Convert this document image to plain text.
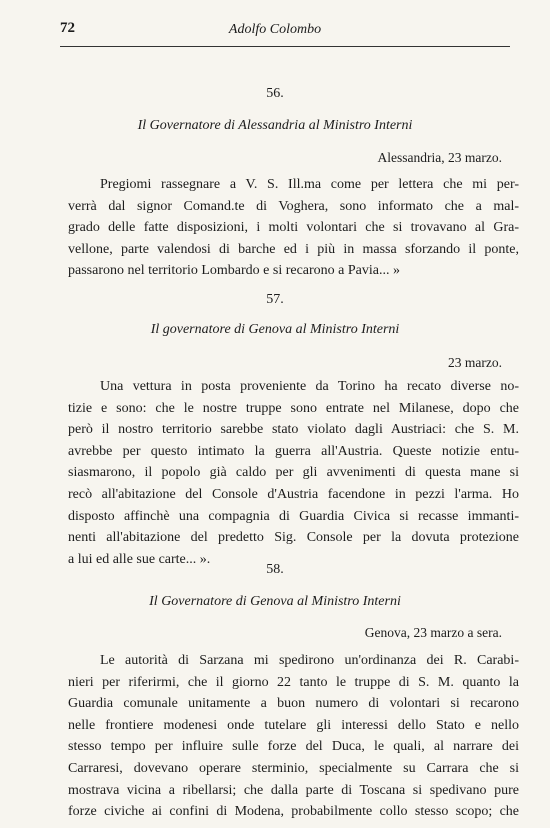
72	Adolfo Colombo
56.
Il Governatore di Alessandria al Ministro Interni
Alessandria, 23 marzo.
Pregiomi rassegnare a V. S. Ill.ma come per lettera che mi per-
verrà dal signor Comand.te di Voghera, sono informato che a mal-
grado delle fatte disposizioni, i molti volontari che si trovavano al Gra-
vellone, parte valendosi di barche ed i più in massa sforzando il ponte,
passarono nel territorio Lombardo e si recarono a Pavia... »
57.
Il governatore di Genova al Ministro Interni
23 marzo.
Una vettura in posta proveniente da Torino ha recato diverse no-
tizie e sono: che le nostre truppe sono entrate nel Milanese, dopo che
però il nostro territorio sarebbe stato violato dagli Austriaci: che S. M.
avrebbe per questo intimato la guerra all'Austria. Queste notizie entu-
siasmarono, il popolo già caldo per gli avvenimenti di questa mane si
recò all'abitazione del Console d'Austria facendone in pezzi l'arma. Ho
disposto affinchè una compagnia di Guardia Civica si recasse immanti-
nenti all'abitazione del predetto Sig. Console per la dovuta protezione
a lui ed alle sue carte... ».
58.
Il Governatore di Genova al Ministro Interni
Genova, 23 marzo a sera.
Le autorità di Sarzana mi spedirono un'ordinanza dei R. Carabi-
nieri per riferirmi, che il giorno 22 tanto le truppe di S. M. quanto la
Guardia comunale unitamente a buon numero di volontari si recarono
nelle frontiere modenesi onde tutelare gli interessi dello Stato e nello
stesso tempo per influire sulle forze del Duca, le quali, al narrare dei
Carraresi, dovevano operare sterminio, specialmente su Carrara che si
mostrava vicina a ribellarsi; che dalla parte di Toscana si spedivano pure
forze civiche ai confini di Modena, probabilmente collo stesso scopo; che
